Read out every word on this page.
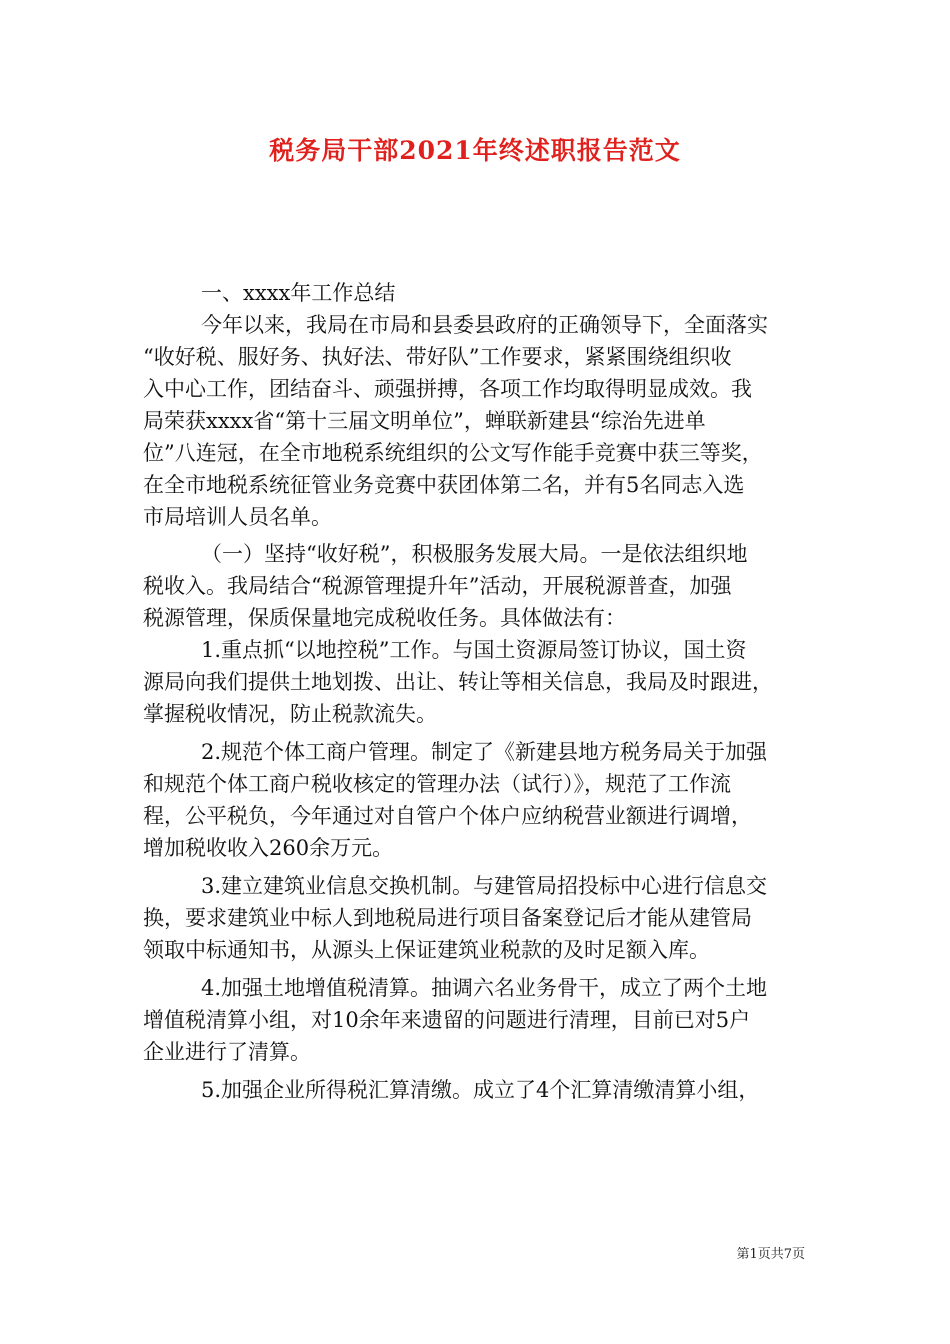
税务局干部2021年终述职报告范文
一、xxxx年工作总结
今年以来，我局在市局和县委县政府的正确领导下，全面落实
“收好税、服好务、执好法、带好队”工作要求，紧紧围绕组织收
入中心工作，团结奋斗、顽强拼搏，各项工作均取得明显成效。我
局荣获xxxx省“第十三届文明单位”，蝉联新建县“综治先进单
位”八连冠，在全市地税系统组织的公文写作能手竞赛中获三等奖，
在全市地税系统征管业务竞赛中获团体第二名，并有5名同志入选
市局培训人员名单。
（一）坚持“收好税”，积极服务发展大局。一是依法组织地
税收入。我局结合“税源管理提升年”活动，开展税源普查，加强
税源管理，保质保量地完成税收任务。具体做法有：
1.重点抓“以地控税”工作。与国土资源局签订协议，国土资
源局向我们提供土地划拨、出让、转让等相关信息，我局及时跟进，
掌握税收情况，防止税款流失。
2.规范个体工商户管理。制定了《新建县地方税务局关于加强
和规范个体工商户税收核定的管理办法（试行）》，规范了工作流
程，公平税负，今年通过对自管户个体户应纳税营业额进行调增，
增加税收收入260余万元。
3.建立建筑业信息交换机制。与建管局招投标中心进行信息交
换，要求建筑业中标人到地税局进行项目备案登记后才能从建管局
领取中标通知书，从源头上保证建筑业税款的及时足额入库。
4.加强土地增值税清算。抽调六名业务骨干，成立了两个土地
增值税清算小组，对10余年来遗留的问题进行清理，目前已对5户
企业进行了清算。
5.加强企业所得税汇算清缴。成立了4个汇算清缴清算小组，
第1页共7页
